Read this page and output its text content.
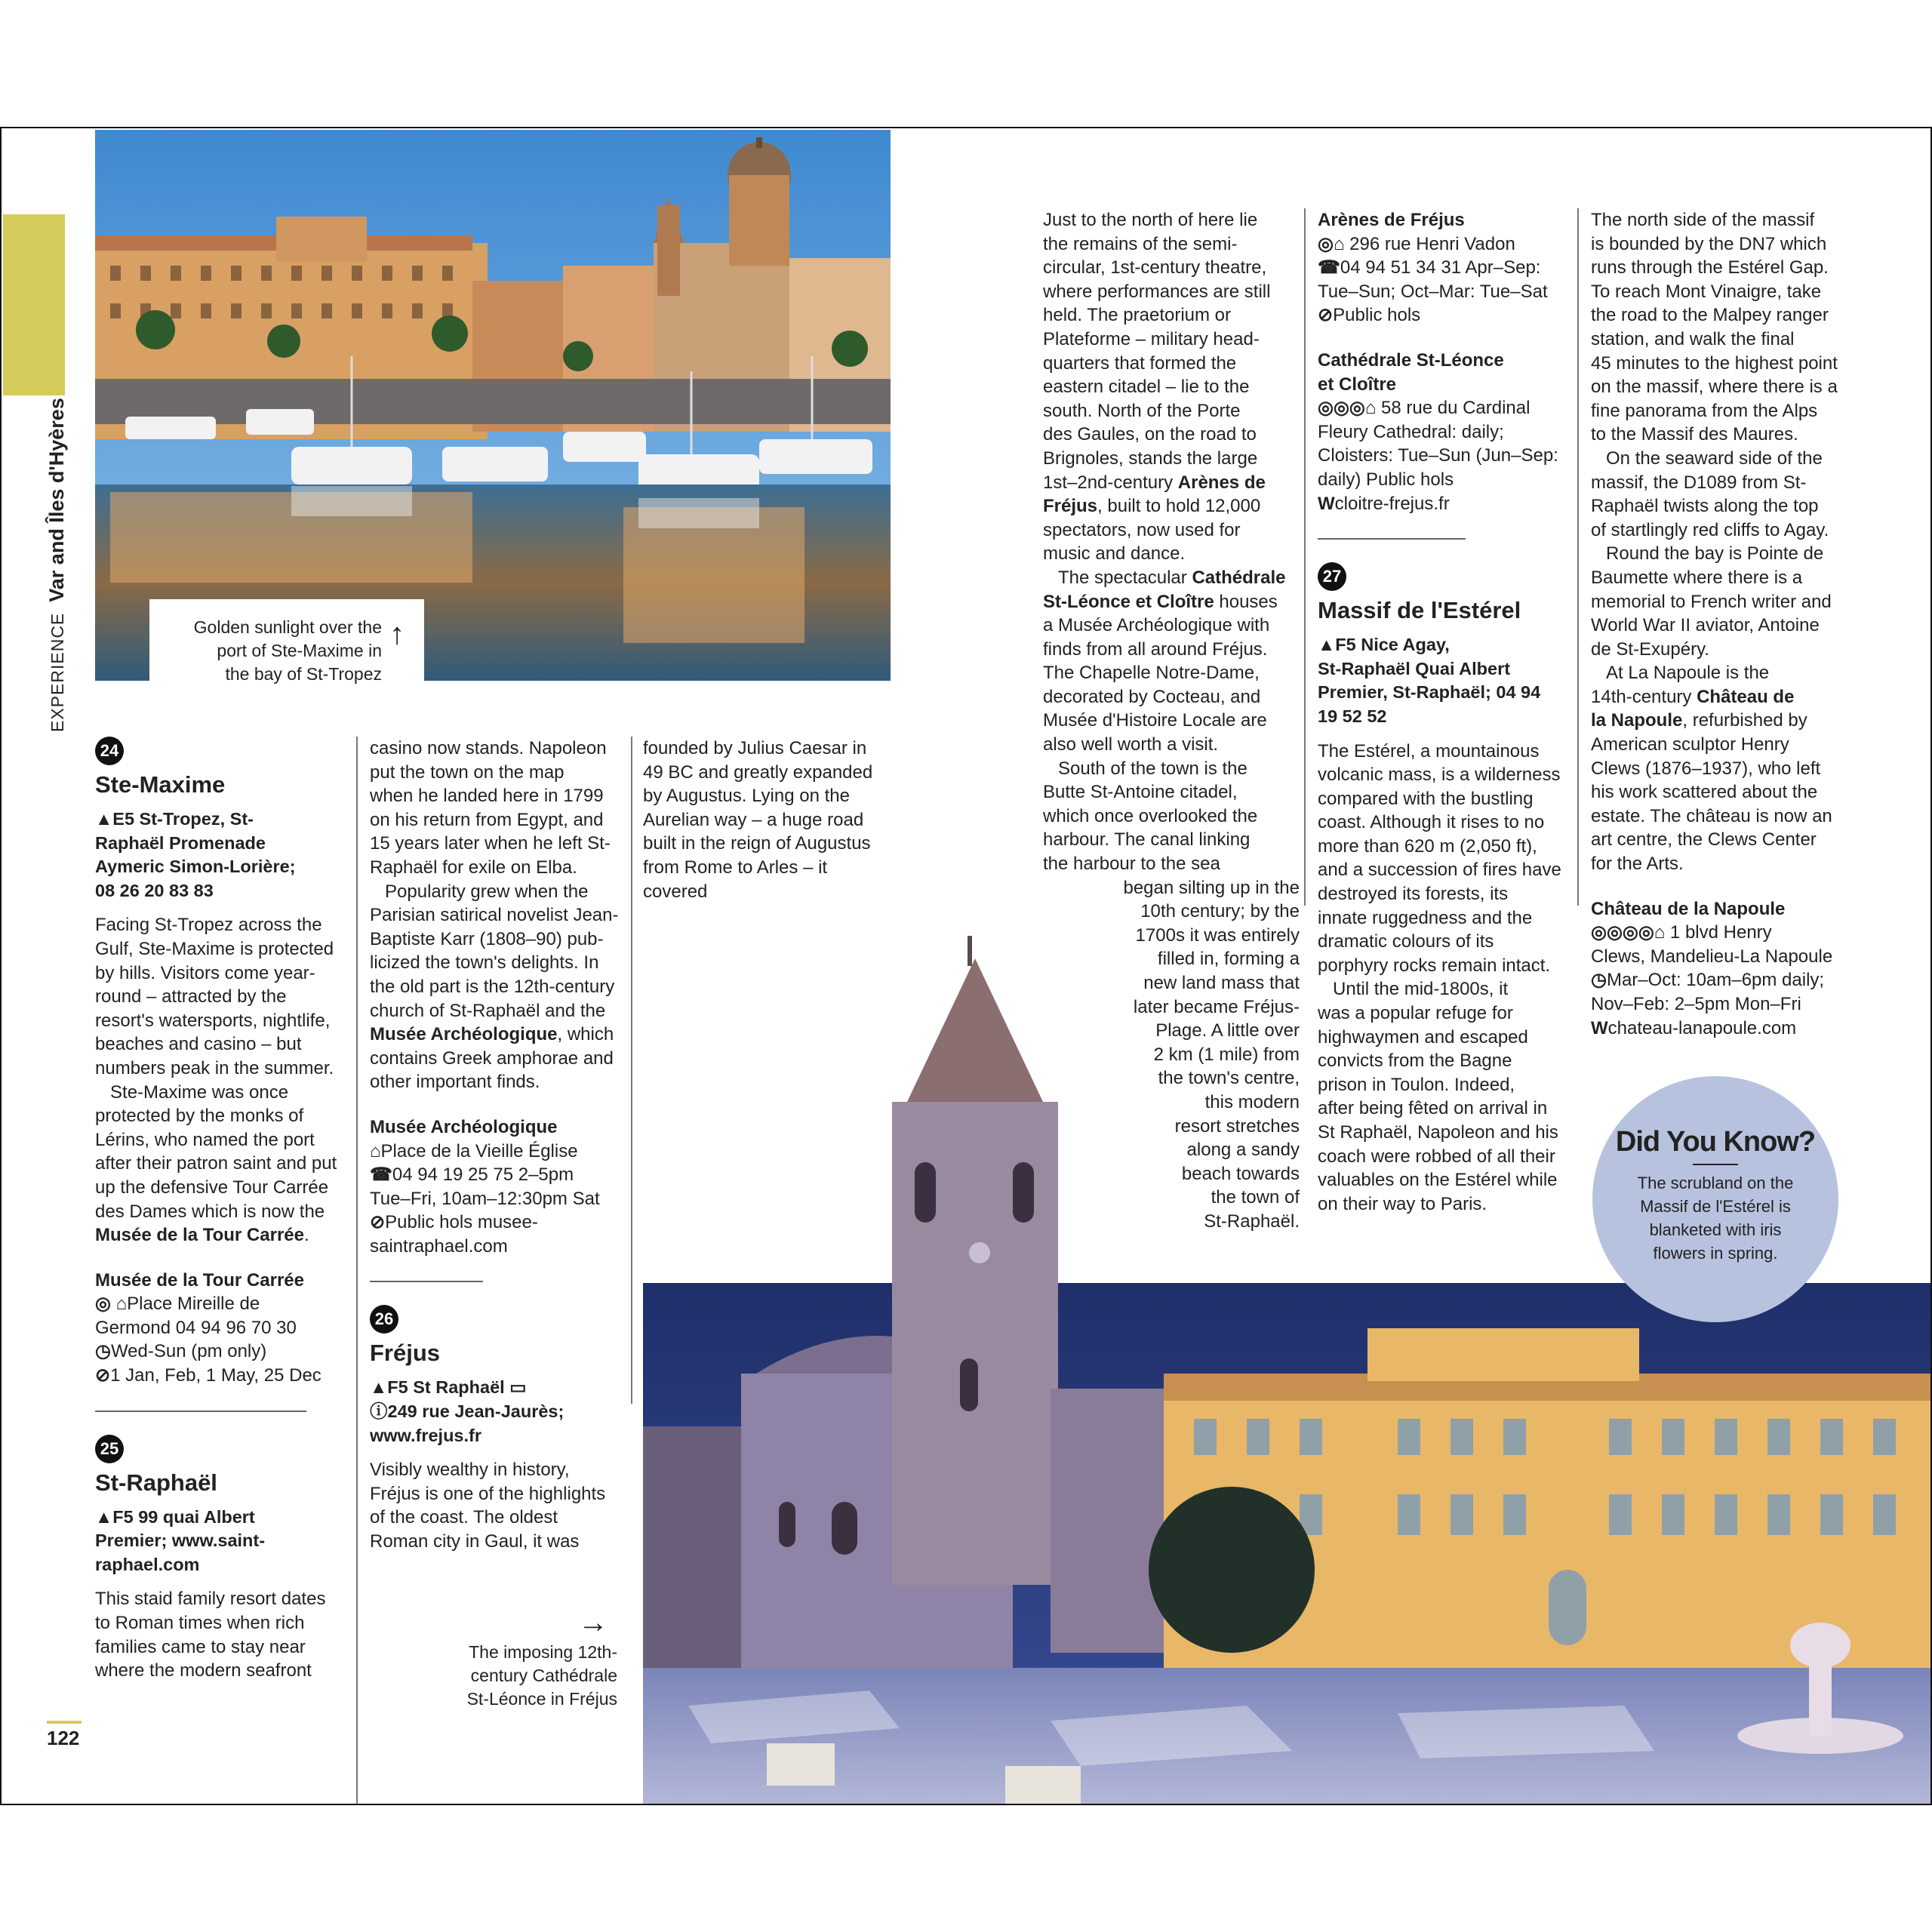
EXPERIENCEVar and Îles d'Hyères
122
Golden sunlight over the
port of Ste-Maxime in
the bay of St-Tropez
↑
24
Ste-Maxime
▲E5 St-Tropez, St-
Raphaël Promenade
Aymeric Simon-Lorière;
08 26 20 83 83

Facing St-Tropez across the
Gulf, Ste-Maxime is protected
by hills. Visitors come year-
round – attracted by the
resort's watersports, nightlife,
beaches and casino – but
numbers peak in the summer.

Ste-Maxime was once
protected by the monks of
Lérins, who named the port
after their patron saint and put
up the defensive Tour Carrée
des Dames which is now the
Musée de la Tour Carrée.

Musée de la Tour Carrée
◎ ⌂Place Mireille de
Germond 04 94 96 70 30
◷Wed-Sun (pm only)
⊘1 Jan, Feb, 1 May, 25 Dec
25
St-Raphaël
▲F5 99 quai Albert
Premier; www.saint-
raphael.com

This staid family resort dates
to Roman times when rich
families came to stay near
where the modern seafront

casino now stands. Napoleon
put the town on the map
when he landed here in 1799
on his return from Egypt, and
15 years later when he left St-
Raphaël for exile on Elba.

Popularity grew when the
Parisian satirical novelist Jean-
Baptiste Karr (1808–90) pub-
licized the town's delights. In
the old part is the 12th-century
church of St-Raphaël and the
Musée Archéologique, which
contains Greek amphorae and
other important finds.

Musée Archéologique
⌂Place de la Vieille Église
☎04 94 19 25 75 2–5pm
Tue–Fri, 10am–12:30pm Sat
⊘Public hols musee-
saintraphael.com
26
Fréjus
▲F5 St Raphaël ▭
ⓘ249 rue Jean-Jaurès;
www.frejus.fr

Visibly wealthy in history,
Fréjus is one of the highlights
of the coast. The oldest
Roman city in Gaul, it was

founded by Julius Caesar in
49 BC and greatly expanded
by Augustus. Lying on the
Aurelian way – a huge road
built in the reign of Augustus
from Rome to Arles – it covered

→
The imposing 12th-
century Cathédrale
St-Léonce in Fréjus

Just to the north of here lie
the remains of the semi-
circular, 1st-century theatre,
where performances are still
held. The praetorium or
Plateforme – military head-
quarters that formed the
eastern citadel – lie to the
south. North of the Porte
des Gaules, on the road to
Brignoles, stands the large
1st–2nd-century Arènes de
Fréjus, built to hold 12,000
spectators, now used for
music and dance.

The spectacular Cathédrale
St-Léonce et Cloître houses
a Musée Archéologique with
finds from all around Fréjus.
The Chapelle Notre-Dame,
decorated by Cocteau, and
Musée d'Histoire Locale are
also well worth a visit.

South of the town is the

Butte St-Antoine citadel,

which once overlooked the

harbour. The canal linking

the harbour to the sea

began silting up in the
10th century; by the
1700s it was entirely
filled in, forming a
new land mass that
later became Fréjus-
Plage. A little over
2 km (1 mile) from
the town's centre,
this modern
resort stretches
along a sandy
beach towards
the town of
St-Raphaël.

Arènes de Fréjus
◎⌂ 296 rue Henri Vadon
☎04 94 51 34 31 Apr–Sep:
Tue–Sun; Oct–Mar: Tue–Sat
⊘Public hols
Cathédrale St-Léonce
et Cloître
◎◎◎⌂ 58 rue du Cardinal
Fleury Cathedral: daily;
Cloisters: Tue–Sun (Jun–Sep:
daily) Public hols
Wcloitre-frejus.fr
27
Massif de l'Estérel
▲F5 Nice Agay,
St-Raphaël Quai Albert
Premier, St-Raphaël; 04 94
19 52 52

The Estérel, a mountainous
volcanic mass, is a wilderness
compared with the bustling
coast. Although it rises to no
more than 620 m (2,050 ft),
and a succession of fires have
destroyed its forests, its
innate ruggedness and the
dramatic colours of its
porphyry rocks remain intact.

Until the mid-1800s, it
was a popular refuge for
highwaymen and escaped
convicts from the Bagne
prison in Toulon. Indeed,
after being fêted on arrival in
St Raphaël, Napoleon and his
coach were robbed of all their
valuables on the Estérel while
on their way to Paris.

The north side of the massif
is bounded by the DN7 which
runs through the Estérel Gap.
To reach Mont Vinaigre, take
the road to the Malpey ranger
station, and walk the final
45 minutes to the highest point
on the massif, where there is a
fine panorama from the Alps
to the Massif des Maures.

On the seaward side of the
massif, the D1089 from St-
Raphaël twists along the top
of startlingly red cliffs to Agay.

Round the bay is Pointe de
Baumette where there is a
memorial to French writer and
World War II aviator, Antoine
de St-Exupéry.

At La Napoule is the
14th-century Château de
la Napoule, refurbished by
American sculptor Henry
Clews (1876–1937), who left
his work scattered about the
estate. The château is now an
art centre, the Clews Center
for the Arts.

Château de la Napoule
◎◎◎◎⌂ 1 blvd Henry
Clews, Mandelieu-La Napoule
◷Mar–Oct: 10am–6pm daily;
Nov–Feb: 2–5pm Mon–Fri
Wchateau-lanapoule.com
Did You Know?
The scrubland on the
Massif de l'Estérel is
blanketed with iris
flowers in spring.
